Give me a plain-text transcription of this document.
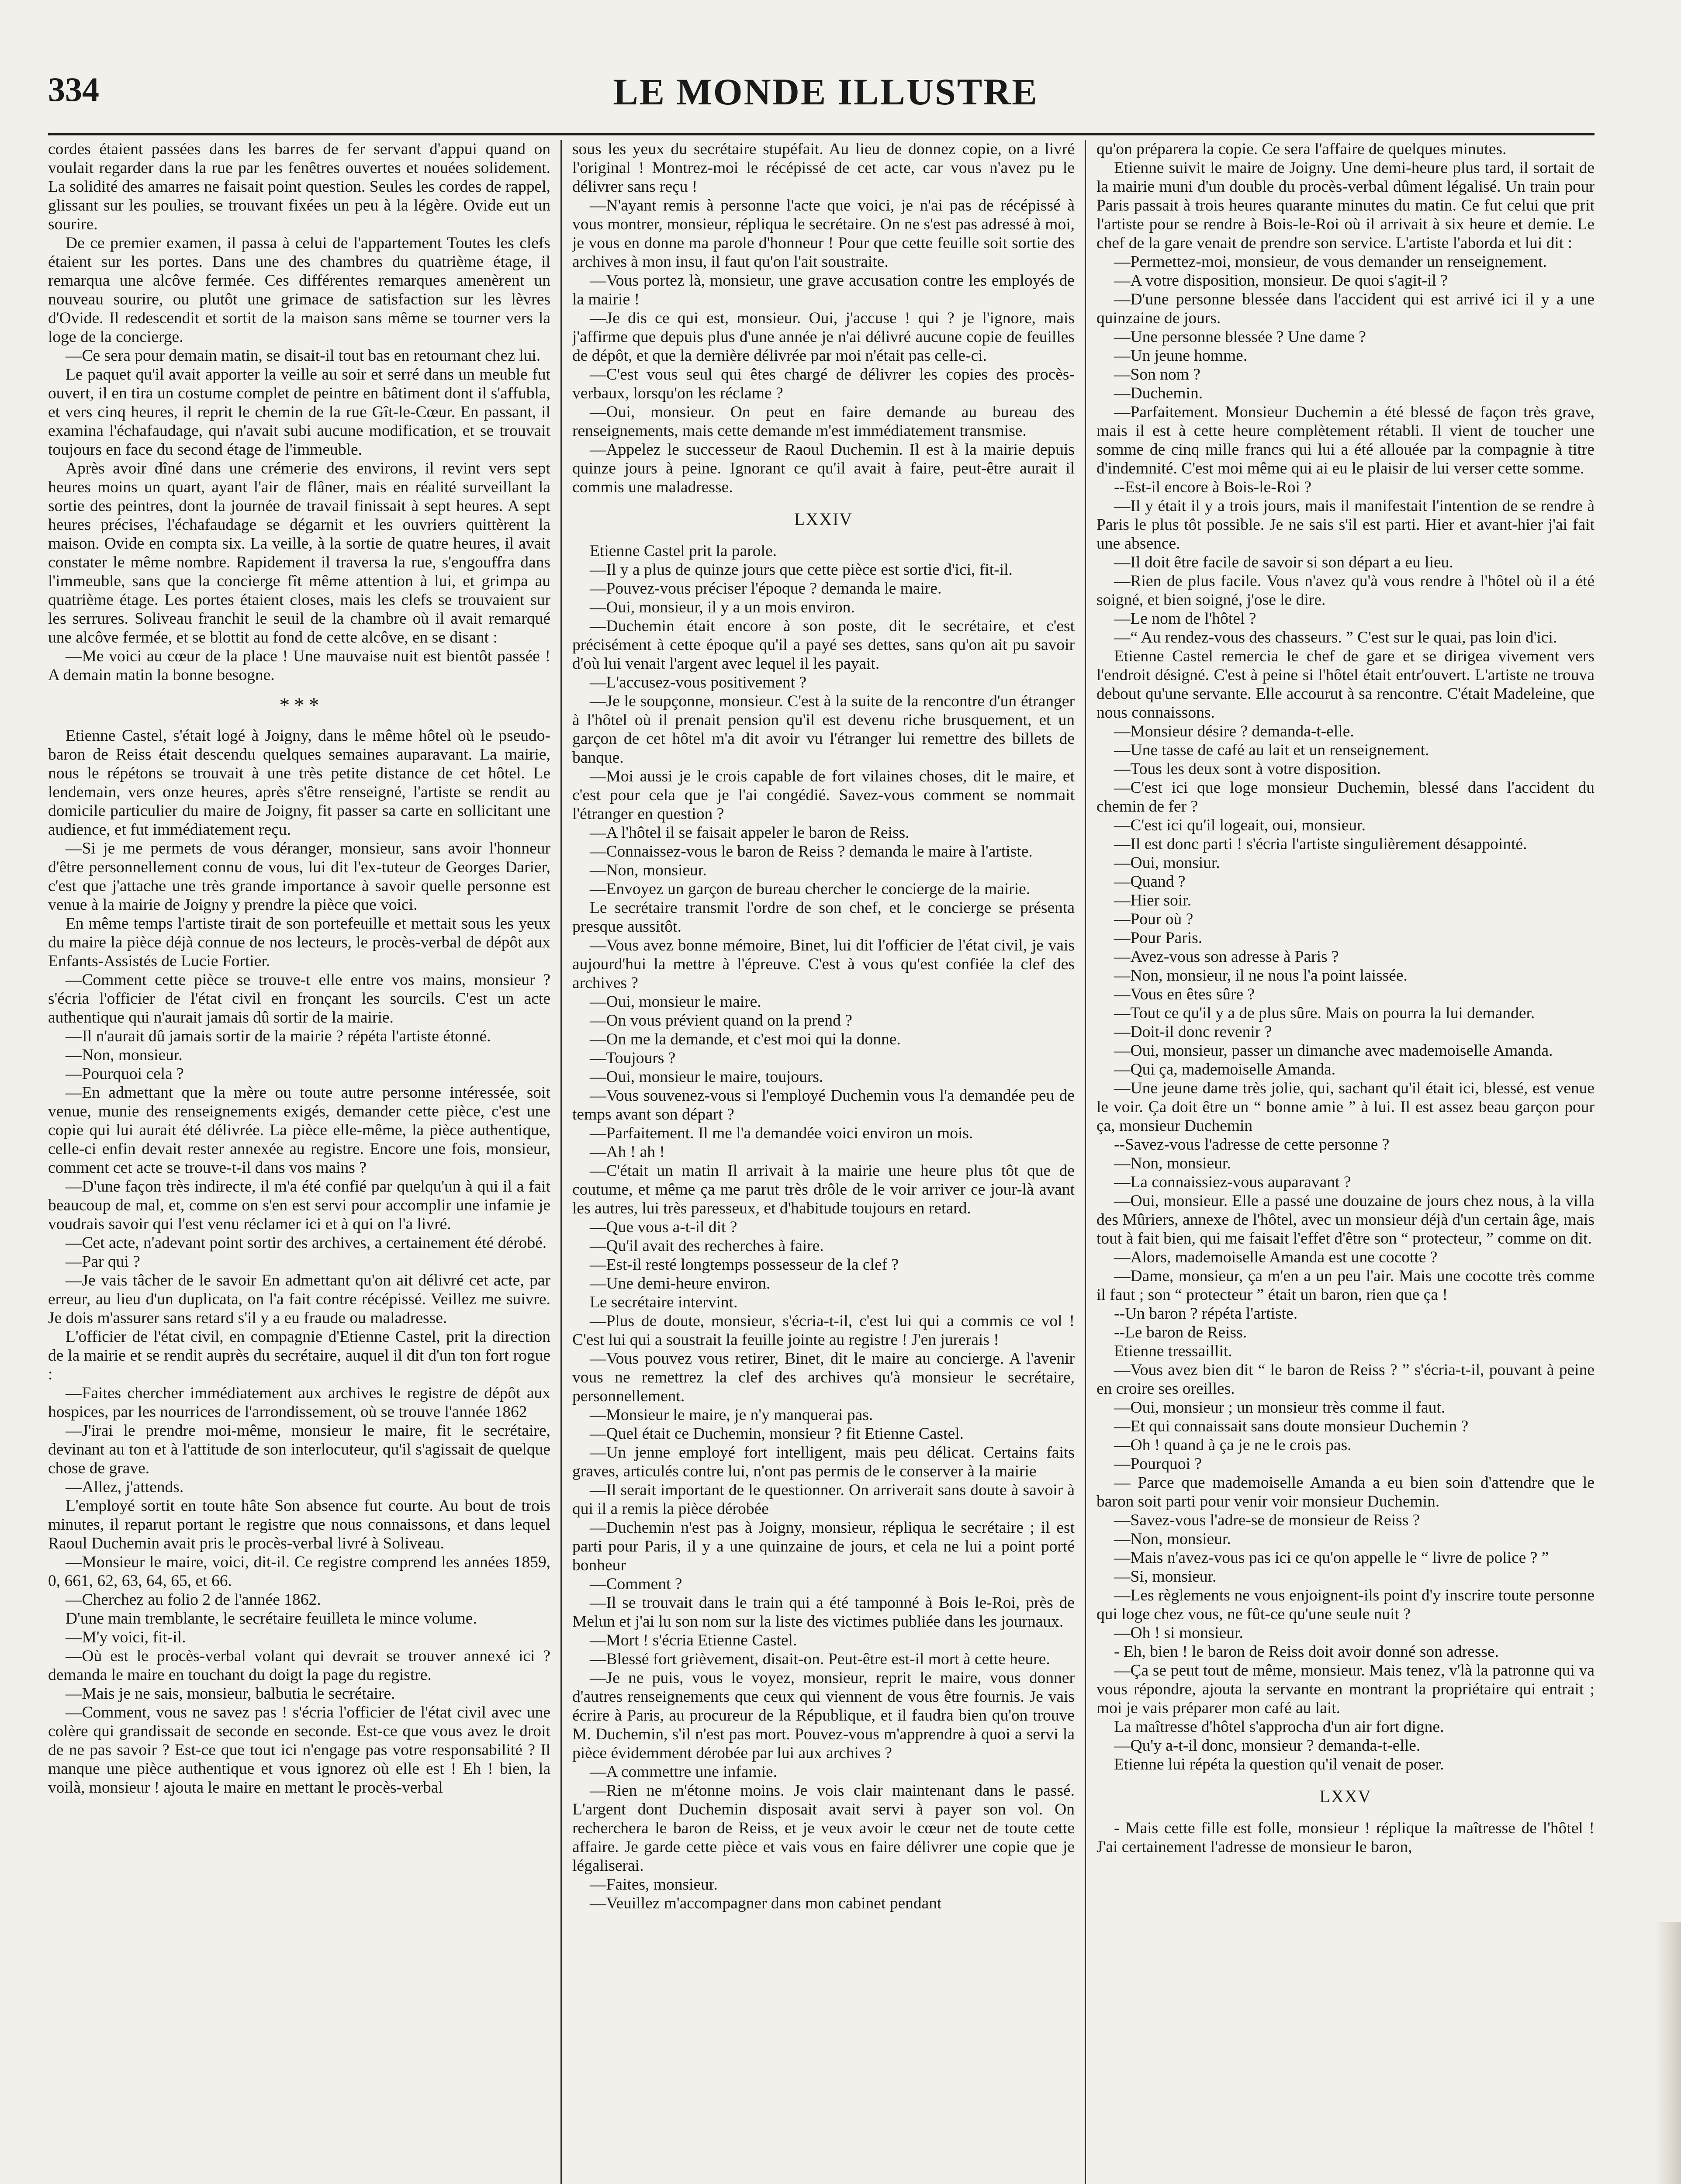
334	LE MONDE ILLUSTRE

cordes étaient passées dans les barres de fer servant d'appui quand on voulait regarder dans la rue par les fenêtres ouvertes et nouées solidement. La solidité des amarres ne faisait point question. Seules les cordes de rappel, glissant sur les poulies, se trouvant fixées un peu à la légère. Ovide eut un sourire.

De ce premier examen, il passa à celui de l'appartement Toutes les clefs étaient sur les portes. Dans une des chambres du quatrième étage, il remarqua une alcôve fermée. Ces différentes remarques amenèrent un nouveau sourire, ou plutôt une grimace de satisfaction sur les lèvres d'Ovide. Il redescendit et sortit de la maison sans même se tourner vers la loge de la concierge.

—Ce sera pour demain matin, se disait-il tout bas en retournant chez lui.

Le paquet qu'il avait apporter la veille au soir et serré dans un meuble fut ouvert, il en tira un costume complet de peintre en bâtiment dont il s'affubla, et vers cinq heures, il reprit le chemin de la rue Gît-le-Cœur. En passant, il examina l'échafaudage, qui n'avait subi aucune modification, et se trouvait toujours en face du second étage de l'immeuble.

Après avoir dîné dans une crémerie des environs, il revint vers sept heures moins un quart, ayant l'air de flâner, mais en réalité surveillant la sortie des peintres, dont la journée de travail finissait à sept heures. A sept heures précises, l'échafaudage se dégarnit et les ouvriers quittèrent la maison. Ovide en compta six. La veille, à la sortie de quatre heures, il avait constater le même nombre. Rapidement il traversa la rue, s'engouffra dans l'immeuble, sans que la concierge fît même attention à lui, et grimpa au quatrième étage. Les portes étaient closes, mais les clefs se trouvaient sur les serrures. Soliveau franchit le seuil de la chambre où il avait remarqué une alcôve fermée, et se blottit au fond de cette alcôve, en se disant :

—Me voici au cœur de la place ! Une mauvaise nuit est bientôt passée ! A demain matin la bonne besogne.

* * *

Etienne Castel, s'était logé à Joigny, dans le même hôtel où le pseudo-baron de Reiss était descendu quelques semaines auparavant. La mairie, nous le répétons se trouvait à une très petite distance de cet hôtel. Le lendemain, vers onze heures, après s'être renseigné, l'artiste se rendit au domicile particulier du maire de Joigny, fit passer sa carte en sollicitant une audience, et fut immédiatement reçu.

—Si je me permets de vous déranger, monsieur, sans avoir l'honneur d'être personnellement connu de vous, lui dit l'ex-tuteur de Georges Darier, c'est que j'attache une très grande importance à savoir quelle personne est venue à la mairie de Joigny y prendre la pièce que voici.

En même temps l'artiste tirait de son portefeuille et mettait sous les yeux du maire la pièce déjà connue de nos lecteurs, le procès-verbal de dépôt aux Enfants-Assistés de Lucie Fortier.

—Comment cette pièce se trouve-t elle entre vos mains, monsieur ? s'écria l'officier de l'état civil en fronçant les sourcils. C'est un acte authentique qui n'aurait jamais dû sortir de la mairie.

—Il n'aurait dû jamais sortir de la mairie ? répéta l'artiste étonné.

—Non, monsieur.

—Pourquoi cela ?

—En admettant que la mère ou toute autre personne intéressée, soit venue, munie des renseignements exigés, demander cette pièce, c'est une copie qui lui aurait été délivrée. La pièce elle-même, la pièce authentique, celle-ci enfin devait rester annexée au registre. Encore une fois, monsieur, comment cet acte se trouve-t-il dans vos mains ?

—D'une façon très indirecte, il m'a été confié par quelqu'un à qui il a fait beaucoup de mal, et, comme on s'en est servi pour accomplir une infamie je voudrais savoir qui l'est venu réclamer ici et à qui on l'a livré.

—Cet acte, n'adevant point sortir des archives, a certainement été dérobé.

—Par qui ?

—Je vais tâcher de le savoir En admettant qu'on ait délivré cet acte, par erreur, au lieu d'un duplicata, on l'a fait contre récépissé. Veillez me suivre. Je dois m'assurer sans retard s'il y a eu fraude ou maladresse.

L'officier de l'état civil, en compagnie d'Etienne Castel, prit la direction de la mairie et se rendit auprès du secrétaire, auquel il dit d'un ton fort rogue :

—Faites chercher immédiatement aux archives le registre de dépôt aux hospices, par les nourrices de l'arrondissement, où se trouve l'année 1862

—J'irai le prendre moi-même, monsieur le maire, fit le secrétaire, devinant au ton et à l'attitude de son interlocuteur, qu'il s'agissait de quelque chose de grave.

—Allez, j'attends.

L'employé sortit en toute hâte Son absence fut courte. Au bout de trois minutes, il reparut portant le registre que nous connaissons, et dans lequel Raoul Duchemin avait pris le procès-verbal livré à Soliveau.

—Monsieur le maire, voici, dit-il. Ce registre comprend les années 1859, 0, 661, 62, 63, 64, 65, et 66.

—Cherchez au folio 2 de l'année 1862.

D'une main tremblante, le secrétaire feuilleta le mince volume.

—M'y voici, fit-il.

—Où est le procès-verbal volant qui devrait se trouver annexé ici ? demanda le maire en touchant du doigt la page du registre.

—Mais je ne sais, monsieur, balbutia le secrétaire.

—Comment, vous ne savez pas ! s'écria l'officier de l'état civil avec une colère qui grandissait de seconde en seconde. Est-ce que vous avez le droit de ne pas savoir ? Est-ce que tout ici n'engage pas votre responsabilité ? Il manque une pièce authentique et vous ignorez où elle est ! Eh ! bien, la voilà, monsieur ! ajouta le maire en mettant le procès-verbal

sous les yeux du secrétaire stupéfait. Au lieu de donnez copie, on a livré l'original ! Montrez-moi le récépissé de cet acte, car vous n'avez pu le délivrer sans reçu !

—N'ayant remis à personne l'acte que voici, je n'ai pas de récépissé à vous montrer, monsieur, répliqua le secrétaire. On ne s'est pas adressé à moi, je vous en donne ma parole d'honneur ! Pour que cette feuille soit sortie des archives à mon insu, il faut qu'on l'ait soustraite.

—Vous portez là, monsieur, une grave accusation contre les employés de la mairie !

—Je dis ce qui est, monsieur. Oui, j'accuse ! qui ? je l'ignore, mais j'affirme que depuis plus d'une année je n'ai délivré aucune copie de feuilles de dépôt, et que la dernière délivrée par moi n'était pas celle-ci.

—C'est vous seul qui êtes chargé de délivrer les copies des procès-verbaux, lorsqu'on les réclame ?

—Oui, monsieur. On peut en faire demande au bureau des renseignements, mais cette demande m'est immédiatement transmise.

—Appelez le successeur de Raoul Duchemin. Il est à la mairie depuis quinze jours à peine. Ignorant ce qu'il avait à faire, peut-être aurait il commis une maladresse.

LXXIV

Etienne Castel prit la parole.

—Il y a plus de quinze jours que cette pièce est sortie d'ici, fit-il.

—Pouvez-vous préciser l'époque ? demanda le maire.

—Oui, monsieur, il y a un mois environ.

—Duchemin était encore à son poste, dit le secrétaire, et c'est précisément à cette époque qu'il a payé ses dettes, sans qu'on ait pu savoir d'où lui venait l'argent avec lequel il les payait.

—L'accusez-vous positivement ?

—Je le soupçonne, monsieur. C'est à la suite de la rencontre d'un étranger à l'hôtel où il prenait pension qu'il est devenu riche brusquement, et un garçon de cet hôtel m'a dit avoir vu l'étranger lui remettre des billets de banque.

—Moi aussi je le crois capable de fort vilaines choses, dit le maire, et c'est pour cela que je l'ai congédié. Savez-vous comment se nommait l'étranger en question ?

—A l'hôtel il se faisait appeler le baron de Reiss.

—Connaissez-vous le baron de Reiss ? demanda le maire à l'artiste.

—Non, monsieur.

—Envoyez un garçon de bureau chercher le concierge de la mairie.

Le secrétaire transmit l'ordre de son chef, et le concierge se présenta presque aussitôt.

—Vous avez bonne mémoire, Binet, lui dit l'officier de l'état civil, je vais aujourd'hui la mettre à l'épreuve. C'est à vous qu'est confiée la clef des archives ?

—Oui, monsieur le maire.

—On vous prévient quand on la prend ?

—On me la demande, et c'est moi qui la donne.

—Toujours ?

—Oui, monsieur le maire, toujours.

—Vous souvenez-vous si l'employé Duchemin vous l'a demandée peu de temps avant son départ ?

—Parfaitement. Il me l'a demandée voici environ un mois.

—Ah ! ah !

—C'était un matin Il arrivait à la mairie une heure plus tôt que de coutume, et même ça me parut très drôle de le voir arriver ce jour-là avant les autres, lui très paresseux, et d'habitude toujours en retard.

—Que vous a-t-il dit ?

—Qu'il avait des recherches à faire.

—Est-il resté longtemps possesseur de la clef ?

—Une demi-heure environ.

Le secrétaire intervint.

—Plus de doute, monsieur, s'écria-t-il, c'est lui qui a commis ce vol ! C'est lui qui a soustrait la feuille jointe au registre ! J'en jurerais !

—Vous pouvez vous retirer, Binet, dit le maire au concierge. A l'avenir vous ne remettrez la clef des archives qu'à monsieur le secrétaire, personnellement.

—Monsieur le maire, je n'y manquerai pas.

—Quel était ce Duchemin, monsieur ? fit Etienne Castel.

—Un jenne employé fort intelligent, mais peu délicat. Certains faits graves, articulés contre lui, n'ont pas permis de le conserver à la mairie

—Il serait important de le questionner. On arriverait sans doute à savoir à qui il a remis la pièce dérobée

—Duchemin n'est pas à Joigny, monsieur, répliqua le secrétaire ; il est parti pour Paris, il y a une quinzaine de jours, et cela ne lui a point porté bonheur

—Comment ?

—Il se trouvait dans le train qui a été tamponné à Bois le-Roi, près de Melun et j'ai lu son nom sur la liste des victimes publiée dans les journaux.

—Mort ! s'écria Etienne Castel.

—Blessé fort grièvement, disait-on. Peut-être est-il mort à cette heure.

—Je ne puis, vous le voyez, monsieur, reprit le maire, vous donner d'autres renseignements que ceux qui viennent de vous être fournis. Je vais écrire à Paris, au procureur de la République, et il faudra bien qu'on trouve M. Duchemin, s'il n'est pas mort. Pouvez-vous m'apprendre à quoi a servi la pièce évidemment dérobée par lui aux archives ?

—A commettre une infamie.

—Rien ne m'étonne moins. Je vois clair maintenant dans le passé. L'argent dont Duchemin disposait avait servi à payer son vol. On recherchera le baron de Reiss, et je veux avoir le cœur net de toute cette affaire. Je garde cette pièce et vais vous en faire délivrer une copie que je légaliserai.

—Faites, monsieur.

—Veuillez m'accompagner dans mon cabinet pendant

qu'on préparera la copie. Ce sera l'affaire de quelques minutes.

Etienne suivit le maire de Joigny. Une demi-heure plus tard, il sortait de la mairie muni d'un double du procès-verbal dûment légalisé. Un train pour Paris passait à trois heures quarante minutes du matin. Ce fut celui que prit l'artiste pour se rendre à Bois-le-Roi où il arrivait à six heure et demie. Le chef de la gare venait de prendre son service. L'artiste l'aborda et lui dit :

—Permettez-moi, monsieur, de vous demander un renseignement.

—A votre disposition, monsieur. De quoi s'agit-il ?

—D'une personne blessée dans l'accident qui est arrivé ici il y a une quinzaine de jours.

—Une personne blessée ? Une dame ?

—Un jeune homme.

—Son nom ?

—Duchemin.

—Parfaitement. Monsieur Duchemin a été blessé de façon très grave, mais il est à cette heure complètement rétabli. Il vient de toucher une somme de cinq mille francs qui lui a été allouée par la compagnie à titre d'indemnité. C'est moi même qui ai eu le plaisir de lui verser cette somme.

--Est-il encore à Bois-le-Roi ?

—Il y était il y a trois jours, mais il manifestait l'intention de se rendre à Paris le plus tôt possible. Je ne sais s'il est parti. Hier et avant-hier j'ai fait une absence.

—Il doit être facile de savoir si son départ a eu lieu.

—Rien de plus facile. Vous n'avez qu'à vous rendre à l'hôtel où il a été soigné, et bien soigné, j'ose le dire.

—Le nom de l'hôtel ?

—“ Au rendez-vous des chasseurs. ” C'est sur le quai, pas loin d'ici.

Etienne Castel remercia le chef de gare et se dirigea vivement vers l'endroit désigné. C'est à peine si l'hôtel était entr'ouvert. L'artiste ne trouva debout qu'une servante. Elle accourut à sa rencontre. C'était Madeleine, que nous connaissons.

—Monsieur désire ? demanda-t-elle.

—Une tasse de café au lait et un renseignement.

—Tous les deux sont à votre disposition.

—C'est ici que loge monsieur Duchemin, blessé dans l'accident du chemin de fer ?

—C'est ici qu'il logeait, oui, monsieur.

—Il est donc parti ! s'écria l'artiste singulièrement désappointé.

—Oui, monsiur.

—Quand ?

—Hier soir.

—Pour où ?

—Pour Paris.

—Avez-vous son adresse à Paris ?

—Non, monsieur, il ne nous l'a point laissée.

—Vous en êtes sûre ?

—Tout ce qu'il y a de plus sûre. Mais on pourra la lui demander.

—Doit-il donc revenir ?

—Oui, monsieur, passer un dimanche avec mademoiselle Amanda.

—Qui ça, mademoiselle Amanda.

—Une jeune dame très jolie, qui, sachant qu'il était ici, blessé, est venue le voir. Ça doit être un “ bonne amie ” à lui. Il est assez beau garçon pour ça, monsieur Duchemin

--Savez-vous l'adresse de cette personne ?

—Non, monsieur.

—La connaissiez-vous auparavant ?

—Oui, monsieur. Elle a passé une douzaine de jours chez nous, à la villa des Mûriers, annexe de l'hôtel, avec un monsieur déjà d'un certain âge, mais tout à fait bien, qui me faisait l'effet d'être son “ protecteur, ” comme on dit.

—Alors, mademoiselle Amanda est une cocotte ?

—Dame, monsieur, ça m'en a un peu l'air. Mais une cocotte très comme il faut ; son “ protecteur ” était un baron, rien que ça !

--Un baron ? répéta l'artiste.

--Le baron de Reiss.

Etienne tressaillit.

—Vous avez bien dit “ le baron de Reiss ? ” s'écria-t-il, pouvant à peine en croire ses oreilles.

—Oui, monsieur ; un monsieur très comme il faut.

—Et qui connaissait sans doute monsieur Duchemin ?

—Oh ! quand à ça je ne le crois pas.

—Pourquoi ?

— Parce que mademoiselle Amanda a eu bien soin d'attendre que le baron soit parti pour venir voir monsieur Duchemin.

—Savez-vous l'adre-se de monsieur de Reiss ?

—Non, monsieur.

—Mais n'avez-vous pas ici ce qu'on appelle le “ livre de police ? ”

—Si, monsieur.

—Les règlements ne vous enjoignent-ils point d'y inscrire toute personne qui loge chez vous, ne fût-ce qu'une seule nuit ?

—Oh ! si monsieur.

- Eh, bien ! le baron de Reiss doit avoir donné son adresse.

—Ça se peut tout de même, monsieur. Mais tenez, v'là la patronne qui va vous répondre, ajouta la servante en montrant la propriétaire qui entrait ; moi je vais préparer mon café au lait.

La maîtresse d'hôtel s'approcha d'un air fort digne.

—Qu'y a-t-il donc, monsieur ? demanda-t-elle.

Etienne lui répéta la question qu'il venait de poser.

LXXV

- Mais cette fille est folle, monsieur ! réplique la maîtresse de l'hôtel ! J'ai certainement l'adresse de monsieur le baron,
